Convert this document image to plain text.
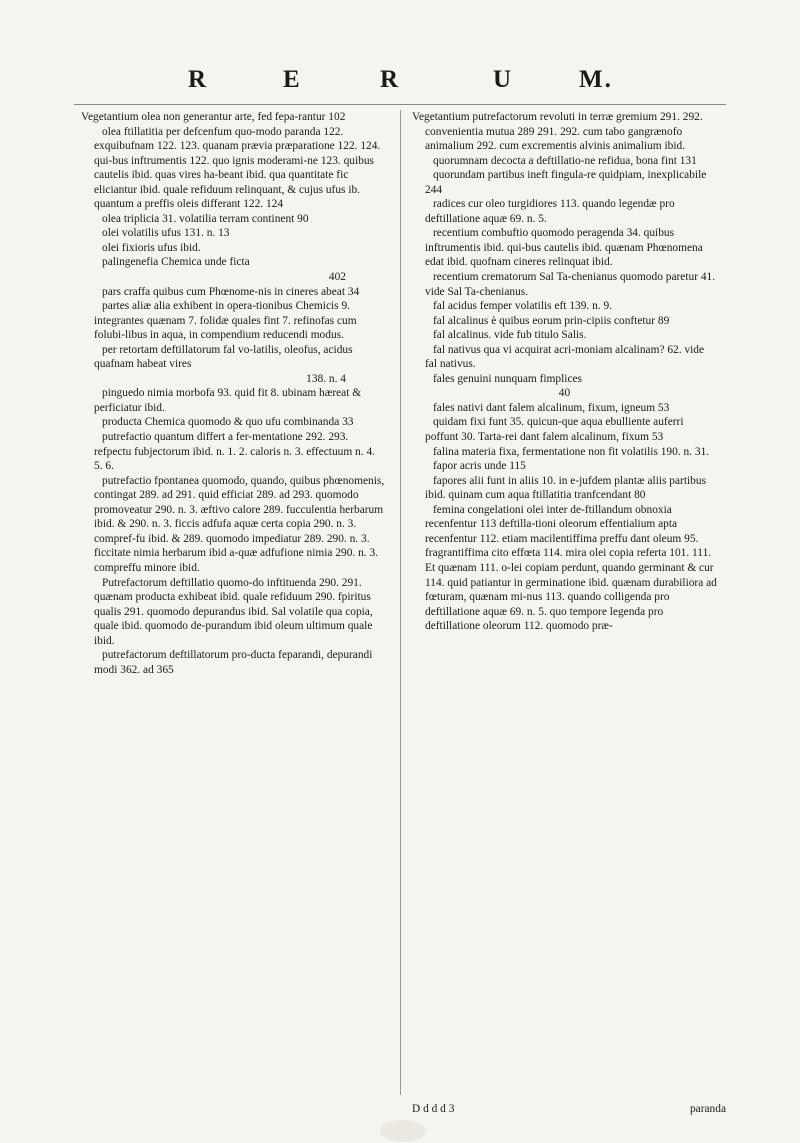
R	E	R	U	M.

Vegetantium olea non generantur arte, fed fepa-rantur 102

olea ftillatitia per defcenfum quo-modo paranda 122. exquibufnam 122. 123. quanam prævia præparatione 122. 124. qui-bus inftrumentis 122. quo ignis moderami-ne 123. quibus cautelis ibid. quas vires ha-beant ibid. qua quantitate fic eliciantur ibid. quale refiduum relinquant, & cujus ufus ib. quantum a preffis oleis differant 122. 124

olea triplicia 31. volatilia terram continent 90

olei volatilis ufus 131. n. 13

olei fixioris ufus ibid.

palingenefia Chemica unde ficta

402

pars craffa quibus cum Phœnome-nis in cineres abeat 34

partes aliæ alia exhibent in opera-tionibus Chemicis 9. integrantes quænam 7. folidæ quales fint 7. refinofas cum folubi-libus in aqua, in compendium reducendi modus.

per retortam deftillatorum fal vo-latilis, oleofus, acidus quafnam habeat vires

138. n. 4

pinguedo nimia morbofa 93. quid fit 8. ubinam hæreat & perficiatur ibid.

producta Chemica quomodo & quo ufu combinanda 33

putrefactio quantum differt a fer-mentatione 292. 293. refpectu fubjectorum ibid. n. 1. 2. caloris n. 3. effectuum n. 4. 5. 6.

putrefactio fpontanea quomodo, quando, quibus phœnomenis, contingat 289. ad 291. quid efficiat 289. ad 293. quomodo promoveatur 290. n. 3. æftivo calore 289. fucculentia herbarum ibid. & 290. n. 3. ficcis adfufa aquæ certa copia 290. n. 3. compref-fu ibid. & 289. quomodo impediatur 289. 290. n. 3. ficcitate nimia herbarum ibid a-quæ adfufione nimia 290. n. 3. compreffu minore ibid.

Putrefactorum deftillatio quomo-do inftituenda 290. 291. quænam producta exhibeat ibid. quale refiduum 290. fpiritus qualis 291. quomodo depurandus ibid. Sal volatile qua copia, quale ibid. quomodo de-purandum ibid oleum ultimum quale ibid.

putrefactorum deftillatorum pro-ducta feparandi, depurandi modi 362. ad 365

Vegetantium putrefactorum revoluti in terræ gremium 291. 292. convenientia mutua 289 291. 292. cum tabo gangrænofo animalium 292. cum excrementis alvinis animalium ibid.

quorumnam decocta a deftillatio-ne refidua, bona fint 131

quorundam partibus ineft fingula-re quidpiam, inexplicabile 244

radices cur oleo turgidiores 113. quando legendæ pro deftillatione aquæ 69. n. 5.

recentium combuftio quomodo peragenda 34. quibus inftrumentis ibid. qui-bus cautelis ibid. quænam Phœnomena edat ibid. quofnam cineres relinquat ibid.

recentium crematorum Sal Ta-chenianus quomodo paretur 41. vide Sal Ta-chenianus.

fal acidus femper volatilis eft 139. n. 9.

fal alcalinus è quibus eorum prin-cipiis conftetur 89

fal alcalinus. vide fub titulo Salis.

fal nativus qua vi acquirat acri-moniam alcalinam? 62. vide fal nativus.

fales genuini nunquam fimplices

40

fales nativi dant falem alcalinum, fixum, igneum 53

quidam fixi funt 35. quicun-que aqua ebulliente auferri poffunt 30. Tarta-rei dant falem alcalinum, fixum 53

falina materia fixa, fermentatione non fit volatilis 190. n. 31.

fapor acris unde 115

fapores alii funt in aliis 10. in e-jufdem plantæ aliis partibus ibid. quinam cum aqua ftillatitia tranfcendant 80

femina congelationi olei inter de-ftillandum obnoxia recenfentur 113 deftilla-tioni oleorum effentialium apta recenfentur 112. etiam macilentiffima preffu dant oleum 95. fragrantiffima cito effœta 114. mira olei copia referta 101. 111. Et quænam 111. o-lei copiam perdunt, quando germinant & cur 114. quid patiantur in germinatione ibid. quænam durabiliora ad fœturam, quænam mi-nus 113. quando colligenda pro deftillatione aquæ 69. n. 5. quo tempore legenda pro deftillatione oleorum 112. quomodo præ-

D d d d 3	paranda
